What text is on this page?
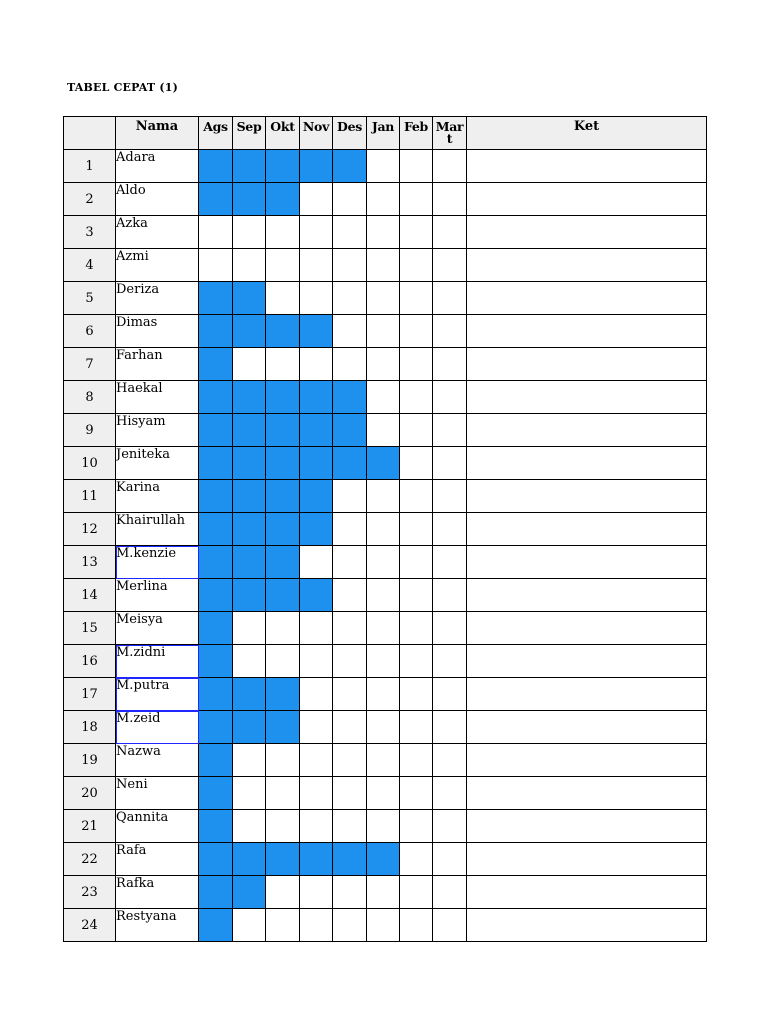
TABEL CEPAT (1)
	Nama	Ags	Sep	Okt	Nov	Des	Jan	Feb	Mart	Ket
1	Adara									
2	Aldo									
3	Azka									
4	Azmi									
5	Deriza									
6	Dimas									
7	Farhan									
8	Haekal									
9	Hisyam									
10	Jeniteka									
11	Karina									
12	Khairullah									
13	M.kenzie									
14	Merlina									
15	Meisya									
16	M.zidni									
17	M.putra									
18	M.zeid									
19	Nazwa									
20	Neni									
21	Qannita									
22	Rafa									
23	Rafka									
24	Restyana									
